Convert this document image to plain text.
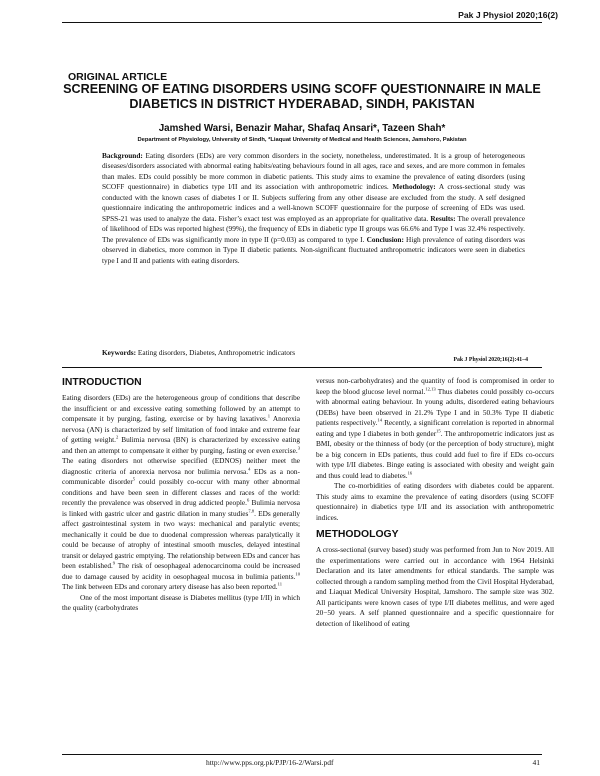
Pak J Physiol 2020;16(2)
ORIGINAL ARTICLE
SCREENING OF EATING DISORDERS USING SCOFF QUESTIONNAIRE IN MALE DIABETICS IN DISTRICT HYDERABAD, SINDH, PAKISTAN
Jamshed Warsi, Benazir Mahar, Shafaq Ansari*, Tazeen Shah*
Department of Physiology, University of Sindh, *Liaquat University of Medical and Health Sciences, Jamshoro, Pakistan
Background: Eating disorders (EDs) are very common disorders in the society, nonetheless, underestimated. It is a group of heterogeneous diseases/disorders associated with abnormal eating habits/eating behaviours found in all ages, race and sexes, and are more common in females than males. EDs could possibly be more common in diabetic patients. This study aims to examine the prevalence of eating disorders (using SCOFF questionnaire) in diabetics type I/II and its association with anthropometric indices. Methodology: A cross-sectional study was conducted with the known cases of diabetes I or II. Subjects suffering from any other disease are excluded from the study. A self designed questionnaire indicating the anthropometric indices and a well-known SCOFF questionnaire for the purpose of screening of EDs was used. SPSS-21 was used to analyze the data. Fisher’s exact test was employed as an appropriate for qualitative data. Results: The overall prevalence of likelihood of EDs was reported highest (99%), the frequency of EDs in diabetic type II groups was 66.6% and Type I was 32.4% respectively. The prevalence of EDs was significantly more in type II (p=0.03) as compared to type I. Conclusion: High prevalence of eating disorders was observed in diabetics, more common in Type II diabetic patients. Non-significant fluctuated anthropometric indicators were seen in diabetics type I and II and patients with eating disorders.
Keywords: Eating disorders, Diabetes, Anthropometric indicators
Pak J Physiol 2020;16(2):41–4
INTRODUCTION

Eating disorders (EDs) are the heterogeneous group of conditions that describe the insufficient or and excessive eating something followed by an attempt to compensate it by purging, fasting, exercise or by having laxatives.$^1$ Anorexia nervosa (AN) is characterized by self limitation of food intake and extreme fear of getting weight.$^2$ Bulimia nervosa (BN) is characterized by excessive eating and then an attempt to compensate it either by purging, fasting or even exercise.$^3$ The eating disorders not otherwise specified (EDNOS) neither meet the diagnostic criteria of anorexia nervosa nor bulimia nervosa.$^4$ EDs as a non-communicable disorder$^5$ could possibly co-occur with many other abnormal conditions and have been seen in different classes and races of the world: recently the prevalence was observed in drug addicted people.$^6$ Bulimia nervosa is linked with gastric ulcer and gastric dilation in many studies$^{7,8}$. EDs generally affect gastrointestinal system in two ways: mechanical and paralytic events; mechanically it could be due to duodenal compression whereas paralytically it could be because of atrophy of intestinal smooth muscles, delayed intestinal transit or delayed gastric emptying. The relationship between EDs and cancer has been established.$^9$ The risk of oesophageal adenocarcinoma could be increased due to damage caused by acidity in oesophageal mucosa in bulimia patients.$^{10}$ The link between EDs and coronary artery disease has also been reported.$^{11}$

One of the most important disease is Diabetes mellitus (type I/II) in which the quality (carbohydrates

versus non-carbohydrates) and the quantity of food is compromised in order to keep the blood glucose level normal.$^{12,13}$ Thus diabetes could possibly co-occurs with abnormal eating behaviour. In young adults, disordered eating behaviours (DEBs) have been observed in 21.2% Type I and in 50.3% Type II diabetic patients respectively.$^{14}$ Recently, a significant correlation is reported in abnormal eating and type I diabetes in both gender$^{15}$. The anthropometric indicators just as BMI, obesity or the thinness of body (or the perception of body structure), might be a big concern in EDs patients, thus could add fuel to fire if EDs co-occurs with type I/II diabetes. Binge eating is associated with obesity and weight gain and thus could lead to diabetes.$^{16}$

The co-morbidities of eating disorders with diabetes could be apparent. This study aims to examine the prevalence of eating disorders (using SCOFF questionnaire) in diabetics type I/II and its association with anthropometric indices.

METHODOLOGY

A cross-sectional (survey based) study was performed from Jun to Nov 2019. All the experimentations were carried out in accordance with 1964 Helsinki Declaration and its later amendments for ethical standards. The sample was collected through a random sampling method from the Civil Hospital Hyderabad, and Liaquat Medical University Hospital, Jamshoro. The sample size was 302. All participants were known cases of type I/II diabetes mellitus, and were aged 20−50 years. A self planned questionnaire and a specific questionnaire for detection of likelihood of eating

http://www.pps.org.pk/PJP/16-2/Warsi.pdf	41
